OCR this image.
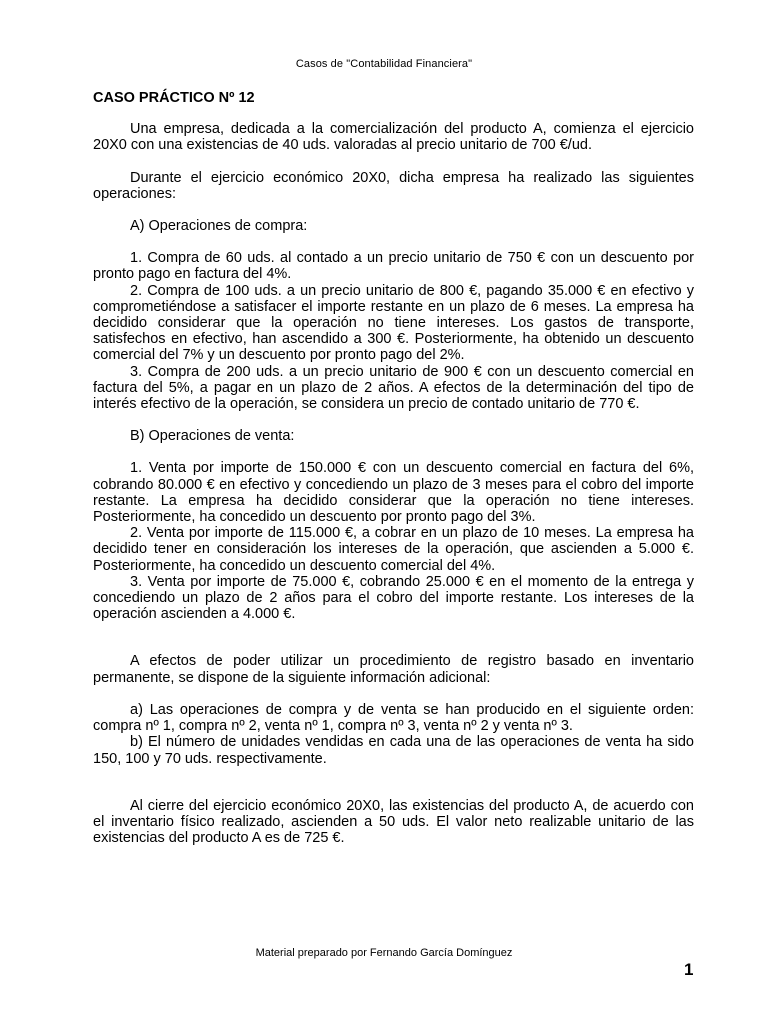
Casos de "Contabilidad Financiera"
CASO PRÁCTICO Nº 12

Una empresa, dedicada a la comercialización del producto A, comienza el ejercicio 20X0 con una existencias de 40 uds. valoradas al precio unitario de 700 €/ud.

Durante el ejercicio económico 20X0, dicha empresa ha realizado las siguientes operaciones:

A) Operaciones de compra:

1. Compra de 60 uds. al contado a un precio unitario de 750 € con un descuento por pronto pago en factura del 4%.

2. Compra de 100 uds. a un precio unitario de 800 €, pagando 35.000 € en efectivo y comprometiéndose a satisfacer el importe restante en un plazo de 6 meses. La empresa ha decidido considerar que la operación no tiene intereses. Los gastos de transporte, satisfechos en efectivo, han ascendido a 300 €. Posteriormente, ha obtenido un descuento comercial del 7% y un descuento por pronto pago del 2%.

3. Compra de 200 uds. a un precio unitario de 900 € con un descuento comercial en factura del 5%, a pagar en un plazo de 2 años. A efectos de la determinación del tipo de interés efectivo de la operación, se considera un precio de contado unitario de 770 €.

B) Operaciones de venta:

1. Venta por importe de 150.000 € con un descuento comercial en factura del 6%, cobrando 80.000 € en efectivo y concediendo un plazo de 3 meses para el cobro del importe restante. La empresa ha decidido considerar que la operación no tiene intereses. Posteriormente, ha concedido un descuento por pronto pago del 3%.

2. Venta por importe de 115.000 €, a cobrar en un plazo de 10 meses. La empresa ha decidido tener en consideración los intereses de la operación, que ascienden a 5.000 €. Posteriormente, ha concedido un descuento comercial del 4%.

3. Venta por importe de 75.000 €, cobrando 25.000 € en el momento de la entrega y concediendo un plazo de 2 años para el cobro del importe restante. Los intereses de la operación ascienden a 4.000 €.

A efectos de poder utilizar un procedimiento de registro basado en inventario permanente, se dispone de la siguiente información adicional:

a) Las operaciones de compra y de venta se han producido en el siguiente orden: compra nº 1, compra nº 2, venta nº 1, compra nº 3, venta nº 2 y venta nº 3.

b) El número de unidades vendidas en cada una de las operaciones de venta ha sido 150, 100 y 70 uds. respectivamente.

Al cierre del ejercicio económico 20X0, las existencias del producto A, de acuerdo con el inventario físico realizado, ascienden a 50 uds. El valor neto realizable unitario de las existencias del producto A es de 725 €.

Material preparado por Fernando García Domínguez
1
